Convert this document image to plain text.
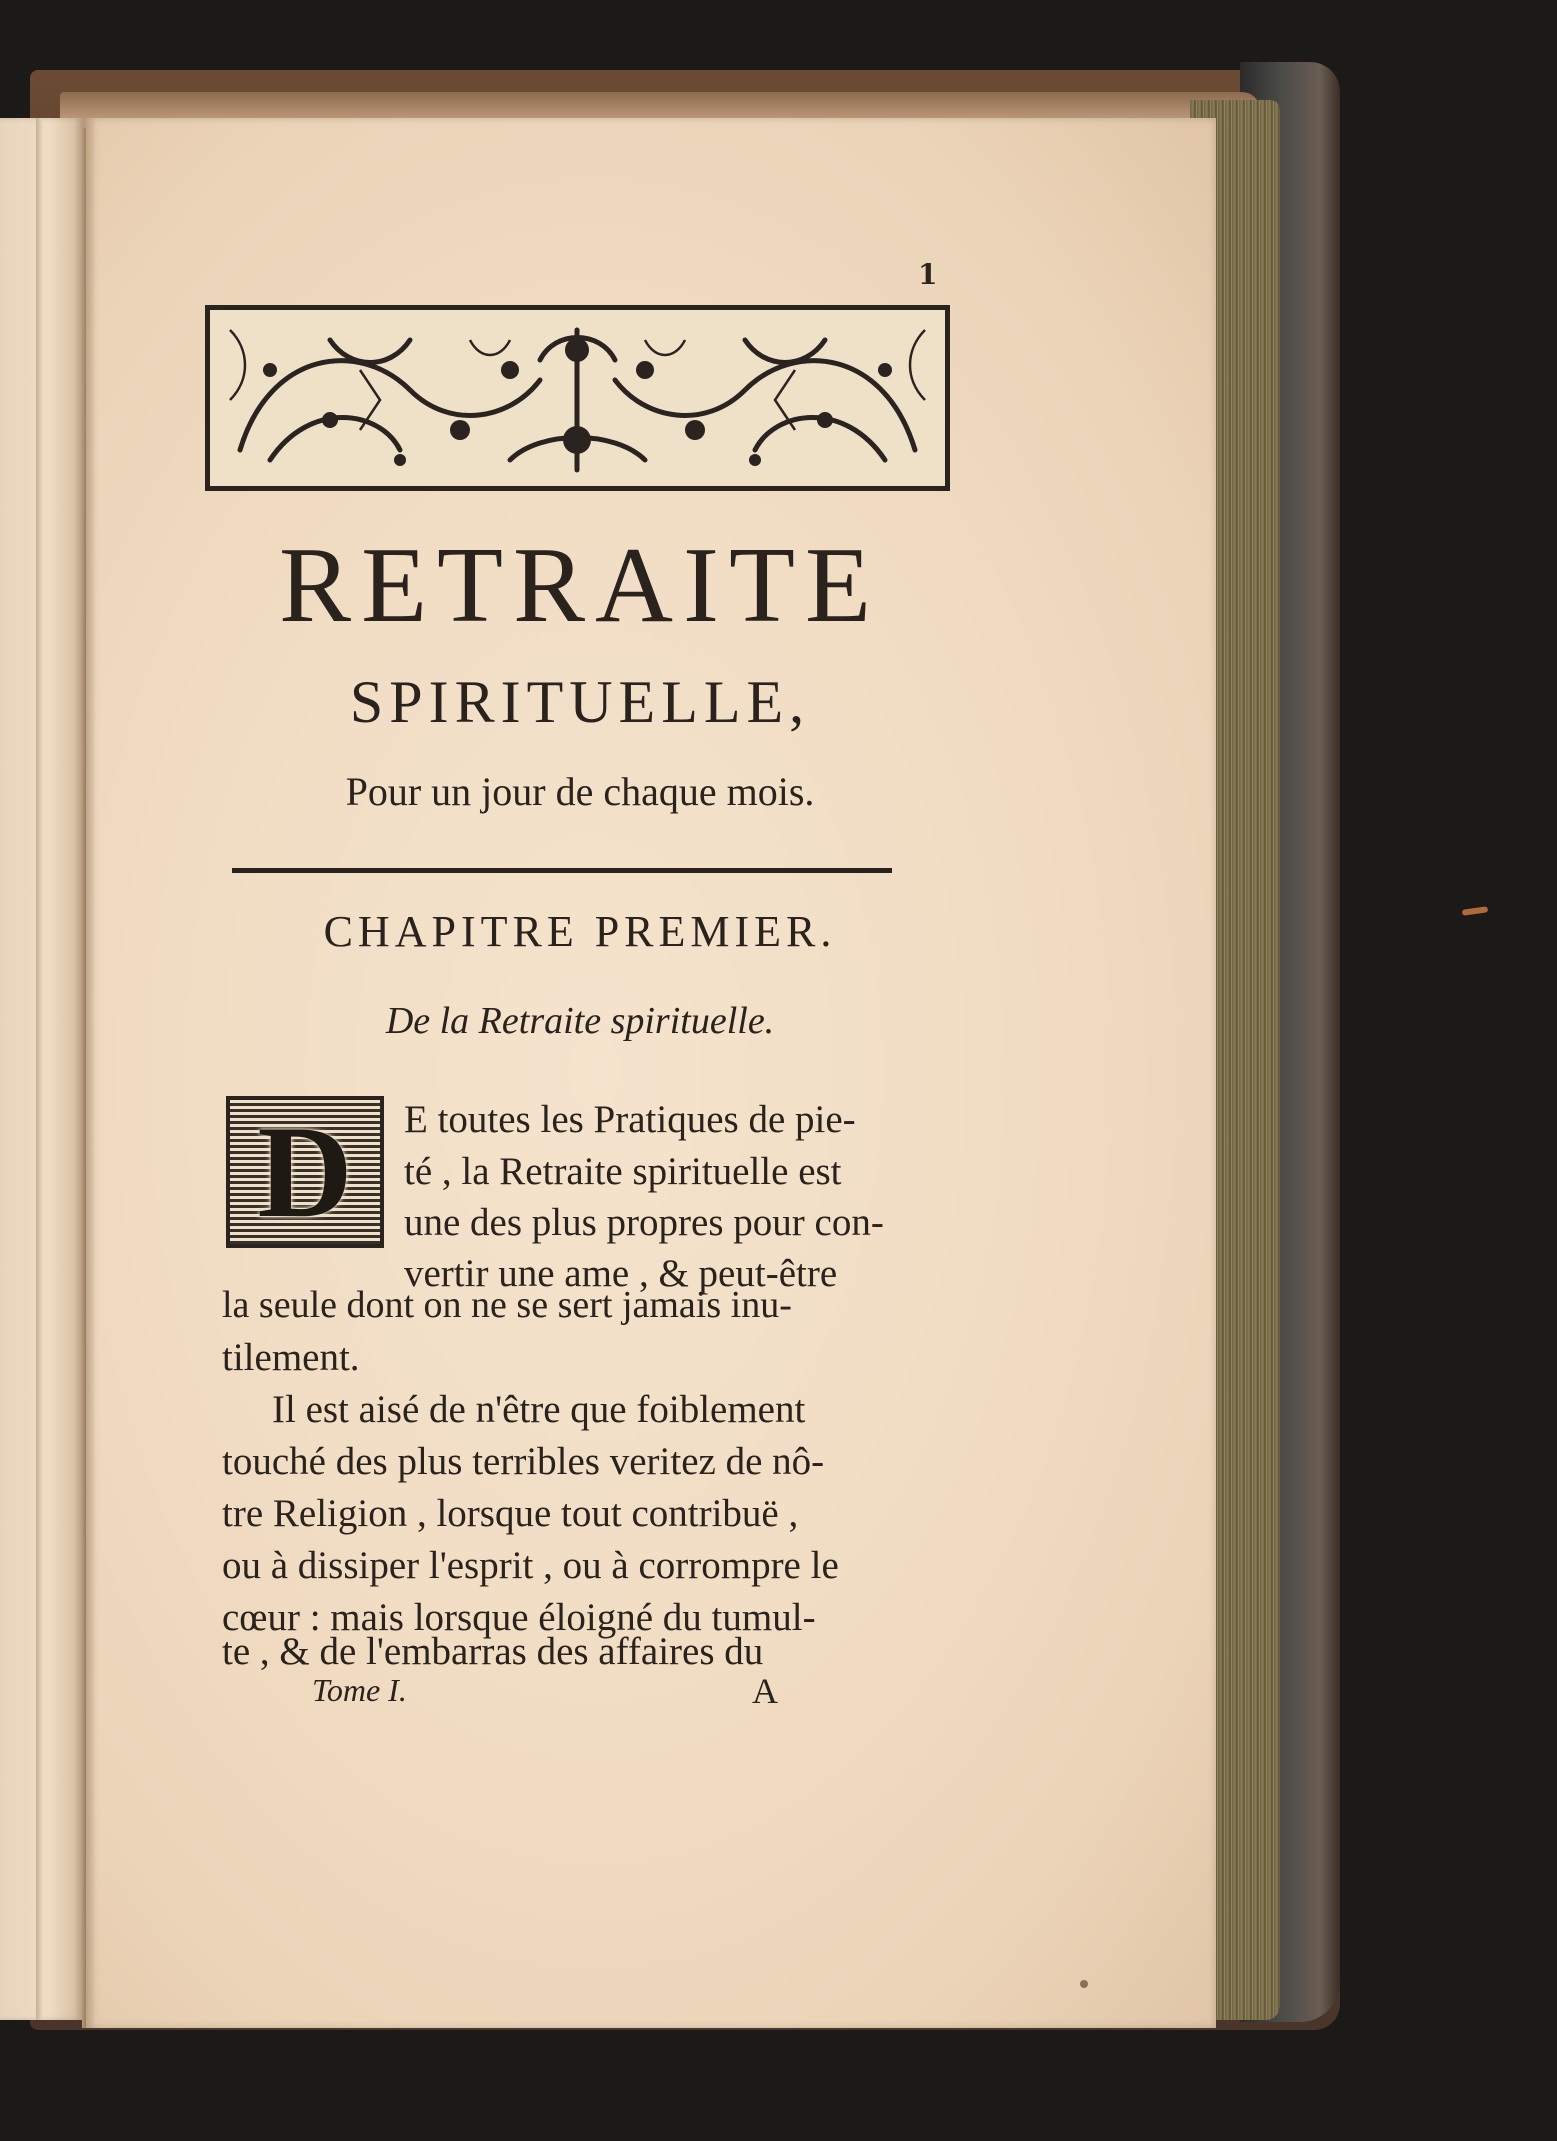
1
RETRAITE
SPIRITUELLE,
Pour un jour de chaque mois.
CHAPITRE PREMIER.
De la Retraite spirituelle.
D	E toutes les Pratiques de pie-
té , la Retraite spirituelle est
une des plus propres pour con-
vertir une ame , & peut-être
la seule dont on ne se sert jamais inu-
tilement.
Il est aisé de n'être que foiblement
touché des plus terribles veritez de nô-
tre Religion , lorsque tout contribuë ,
ou à dissiper l'esprit , ou à corrompre le
cœur : mais lorsque éloigné du tumul-
te , & de l'embarras des affaires du
Tome I.	A
